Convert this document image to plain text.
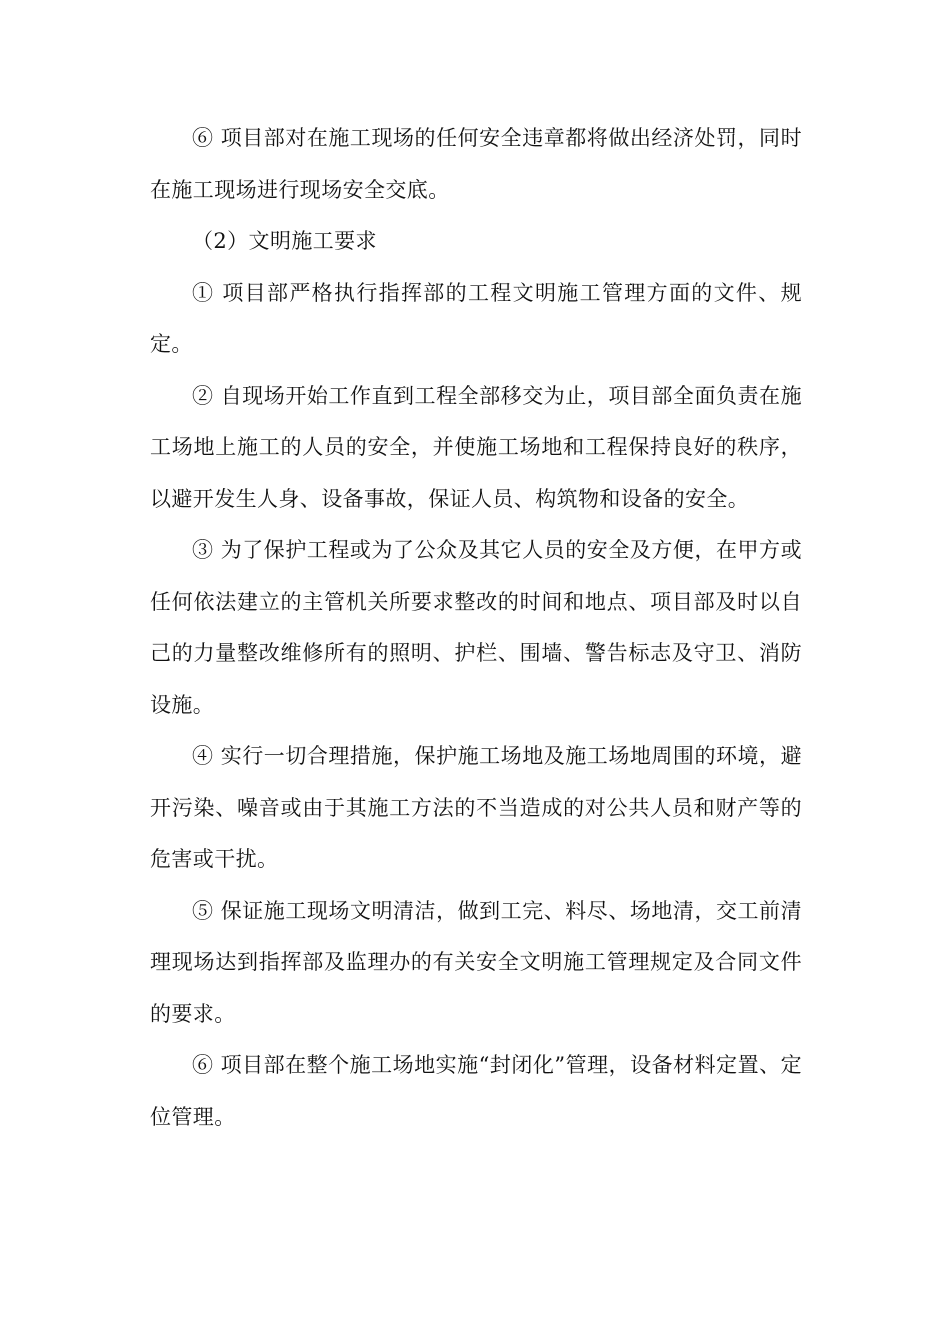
⑥ 项目部对在施工现场的任何安全违章都将做出经济处罚，同时在施工现场进行现场安全交底。

（2）文明施工要求

① 项目部严格执行指挥部的工程文明施工管理方面的文件、规定。

② 自现场开始工作直到工程全部移交为止，项目部全面负责在施工场地上施工的人员的安全，并使施工场地和工程保持良好的秩序，以避开发生人身、设备事故，保证人员、构筑物和设备的安全。

③ 为了保护工程或为了公众及其它人员的安全及方便，在甲方或任何依法建立的主管机关所要求整改的时间和地点、项目部及时以自己的力量整改维修所有的照明、护栏、围墙、警告标志及守卫、消防设施。

④ 实行一切合理措施，保护施工场地及施工场地周围的环境，避开污染、噪音或由于其施工方法的不当造成的对公共人员和财产等的危害或干扰。

⑤ 保证施工现场文明清洁，做到工完、料尽、场地清，交工前清理现场达到指挥部及监理办的有关安全文明施工管理规定及合同文件的要求。

⑥ 项目部在整个施工场地实施“封闭化”管理，设备材料定置、定位管理。
